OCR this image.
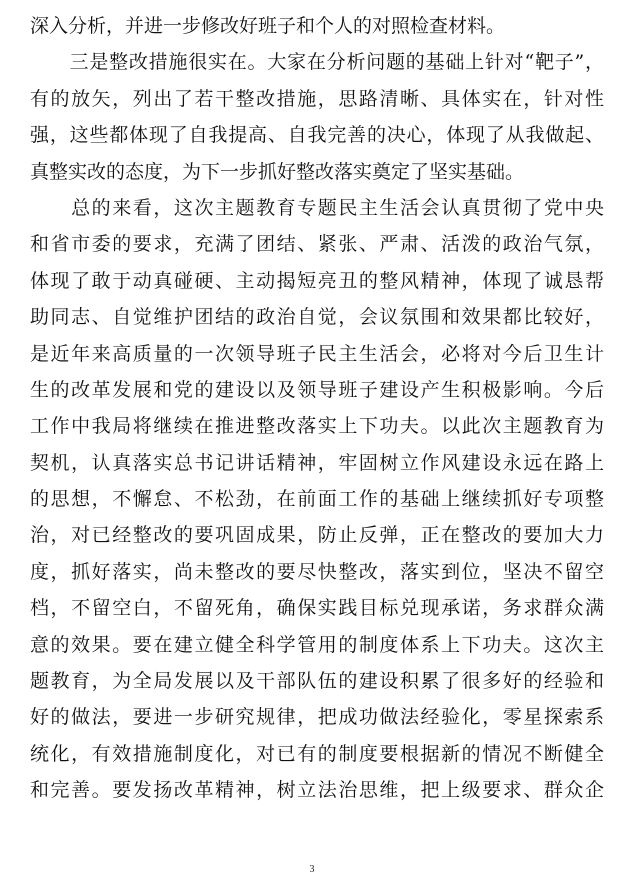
深入分析，并进一步修改好班子和个人的对照检查材料。
　　三是整改措施很实在。大家在分析问题的基础上针对“靶子”，
有的放矢，列出了若干整改措施，思路清晰、具体实在，针对性
强，这些都体现了自我提高、自我完善的决心，体现了从我做起、
真整实改的态度，为下一步抓好整改落实奠定了坚实基础。
　　总的来看，这次主题教育专题民主生活会认真贯彻了党中央
和省市委的要求，充满了团结、紧张、严肃、活泼的政治气氛，
体现了敢于动真碰硬、主动揭短亮丑的整风精神，体现了诚恳帮
助同志、自觉维护团结的政治自觉，会议氛围和效果都比较好，
是近年来高质量的一次领导班子民主生活会，必将对今后卫生计
生的改革发展和党的建设以及领导班子建设产生积极影响。今后
工作中我局将继续在推进整改落实上下功夫。以此次主题教育为
契机，认真落实总书记讲话精神，牢固树立作风建设永远在路上
的思想，不懈怠、不松劲，在前面工作的基础上继续抓好专项整
治，对已经整改的要巩固成果，防止反弹，正在整改的要加大力
度，抓好落实，尚未整改的要尽快整改，落实到位，坚决不留空
档，不留空白，不留死角，确保实践目标兑现承诺，务求群众满
意的效果。要在建立健全科学管用的制度体系上下功夫。这次主
题教育，为全局发展以及干部队伍的建设积累了很多好的经验和
好的做法，要进一步研究规律，把成功做法经验化，零星探索系
统化，有效措施制度化，对已有的制度要根据新的情况不断健全
和完善。要发扬改革精神，树立法治思维，把上级要求、群众企
3
